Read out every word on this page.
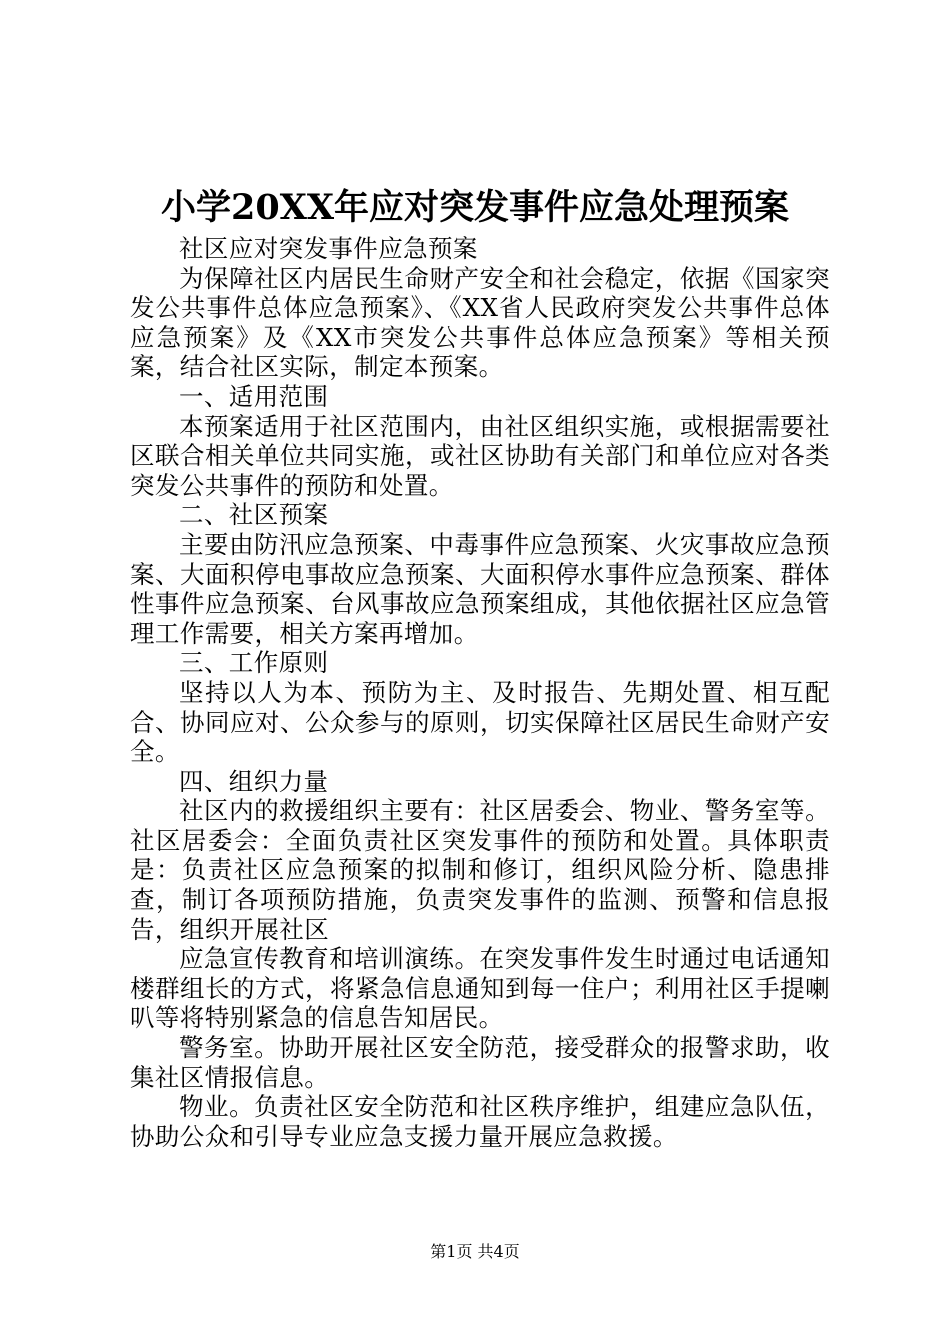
小学20XX年应对突发事件应急处理预案

社区应对突发事件应急预案

为保障社区内居民生命财产安全和社会稳定，依据《国家突发公共事件总体应急预案》、《XX省人民政府突发公共事件总体应急预案》及《XX市突发公共事件总体应急预案》等相关预案，结合社区实际，制定本预案。

一、适用范围

本预案适用于社区范围内，由社区组织实施，或根据需要社区联合相关单位共同实施，或社区协助有关部门和单位应对各类突发公共事件的预防和处置。

二、社区预案

主要由防汛应急预案、中毒事件应急预案、火灾事故应急预案、大面积停电事故应急预案、大面积停水事件应急预案、群体性事件应急预案、台风事故应急预案组成，其他依据社区应急管理工作需要，相关方案再增加。

三、工作原则

坚持以人为本、预防为主、及时报告、先期处置、相互配合、协同应对、公众参与的原则，切实保障社区居民生命财产安全。

四、组织力量

社区内的救援组织主要有：社区居委会、物业、警务室等。社区居委会：全面负责社区突发事件的预防和处置。具体职责是：负责社区应急预案的拟制和修订，组织风险分析、隐患排查，制订各项预防措施，负责突发事件的监测、预警和信息报告，组织开展社区

应急宣传教育和培训演练。在突发事件发生时通过电话通知楼群组长的方式，将紧急信息通知到每一住户；利用社区手提喇叭等将特别紧急的信息告知居民。

警务室。协助开展社区安全防范，接受群众的报警求助，收集社区情报信息。

物业。负责社区安全防范和社区秩序维护，组建应急队伍，协助公众和引导专业应急支援力量开展应急救援。

第1页 共4页
